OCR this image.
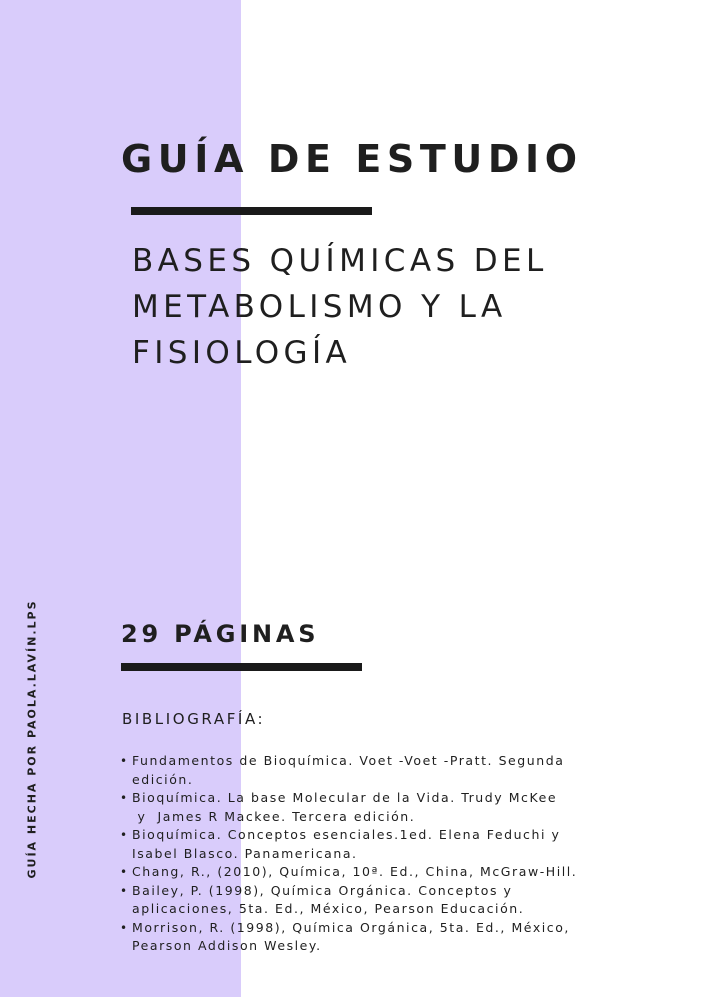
GUÍA HECHA POR PAOLA.LAVÍN.LPS
GUÍA DE ESTUDIO
BASES QUÍMICAS DEL
METABOLISMO Y LA
FISIOLOGÍA
29 PÁGINAS
BIBLIOGRAFÍA:
• Fundamentos de Bioquímica. Voet -Voet -Pratt. Segunda
edición.
• Bioquímica. La base Molecular de la Vida. Trudy McKee
y  James R Mackee. Tercera edición.
• Bioquímica. Conceptos esenciales.1ed. Elena Feduchi y
Isabel Blasco. Panamericana.
• Chang, R., (2010), Química, 10ª. Ed., China, McGraw-Hill.
• Bailey, P. (1998), Química Orgánica. Conceptos y
aplicaciones, 5ta. Ed., México, Pearson Educación.
• Morrison, R. (1998), Química Orgánica, 5ta. Ed., México,
Pearson Addison Wesley.
